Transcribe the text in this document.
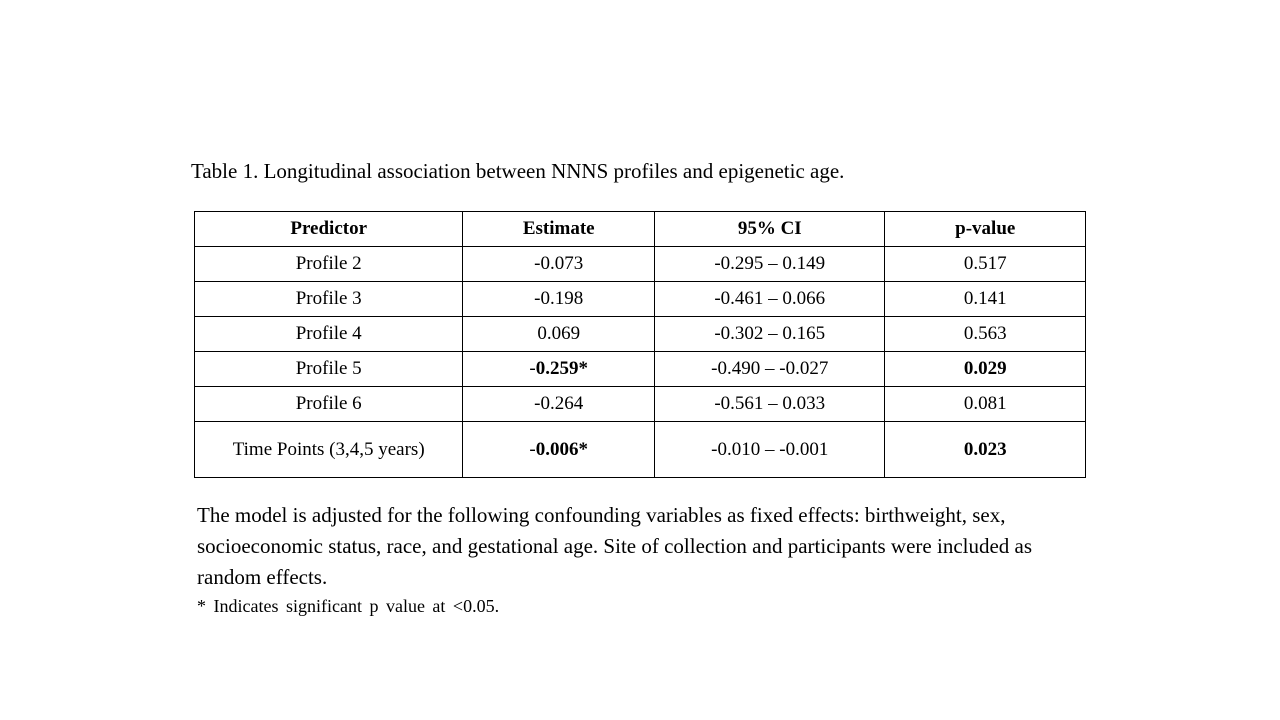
Table 1. Longitudinal association between NNNS profiles and epigenetic age.
Predictor	Estimate	95% CI	p-value
Profile 2	-0.073	-0.295 – 0.149	0.517
Profile 3	-0.198	-0.461 – 0.066	0.141
Profile 4	0.069	-0.302 – 0.165	0.563
Profile 5	-0.259*	-0.490 – -0.027	0.029
Profile 6	-0.264	-0.561 – 0.033	0.081
Time Points (3,4,5 years)	-0.006*	-0.010 – -0.001	0.023
The model is adjusted for the following confounding variables as fixed effects: birthweight, sex, socioeconomic status, race, and gestational age. Site of collection and participants were included as random effects.
* Indicates significant p value at <0.05.
